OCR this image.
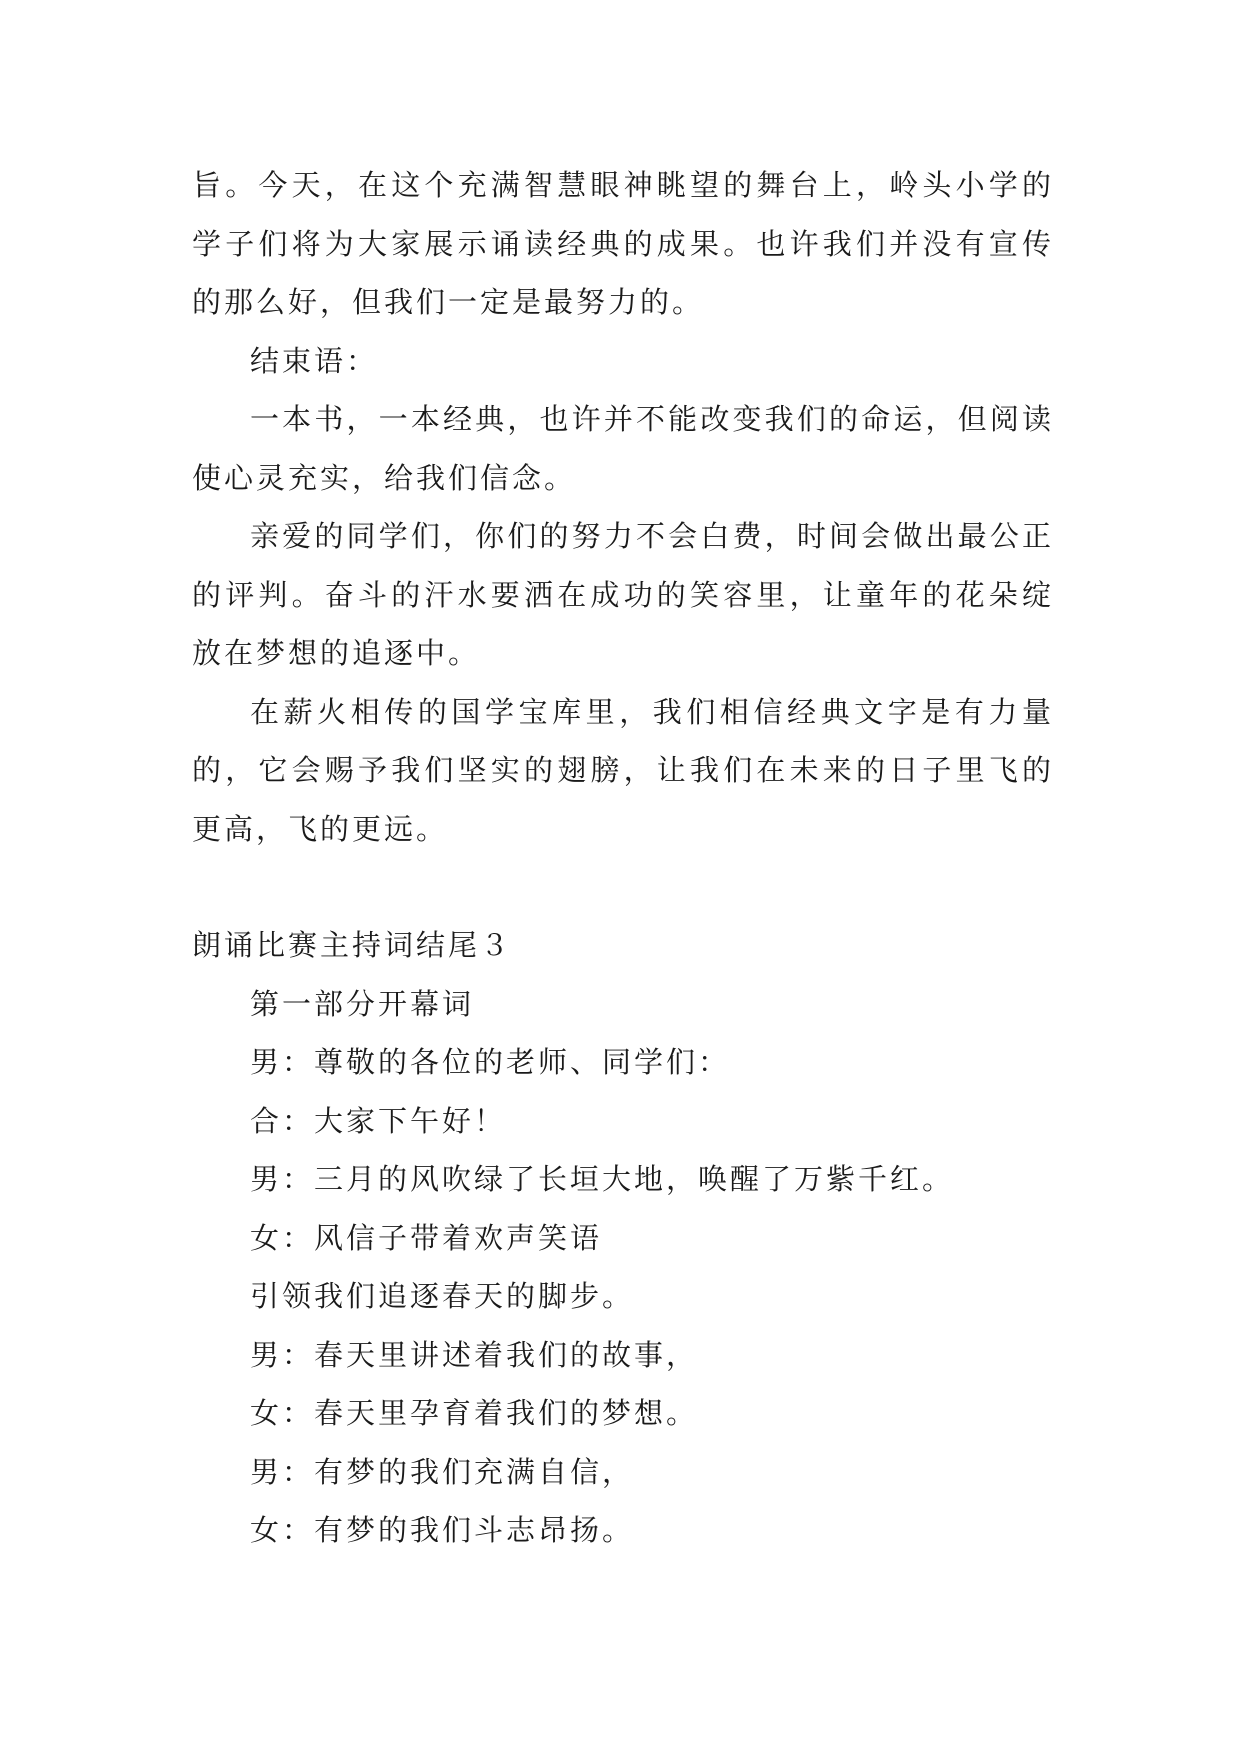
旨。今天，在这个充满智慧眼神眺望的舞台上，岭头小学的学子们将为大家展示诵读经典的成果。也许我们并没有宣传的那么好，但我们一定是最努力的。

结束语：

一本书，一本经典，也许并不能改变我们的命运，但阅读使心灵充实，给我们信念。

亲爱的同学们，你们的努力不会白费，时间会做出最公正的评判。奋斗的汗水要洒在成功的笑容里，让童年的花朵绽放在梦想的追逐中。

在薪火相传的国学宝库里，我们相信经典文字是有力量的，它会赐予我们坚实的翅膀，让我们在未来的日子里飞的更高，飞的更远。

朗诵比赛主持词结尾３

第一部分开幕词

男：尊敬的各位的老师、同学们：

合：大家下午好！

男：三月的风吹绿了长垣大地，唤醒了万紫千红。

女：风信子带着欢声笑语

引领我们追逐春天的脚步。

男：春天里讲述着我们的故事，

女：春天里孕育着我们的梦想。

男：有梦的我们充满自信，

女：有梦的我们斗志昂扬。
